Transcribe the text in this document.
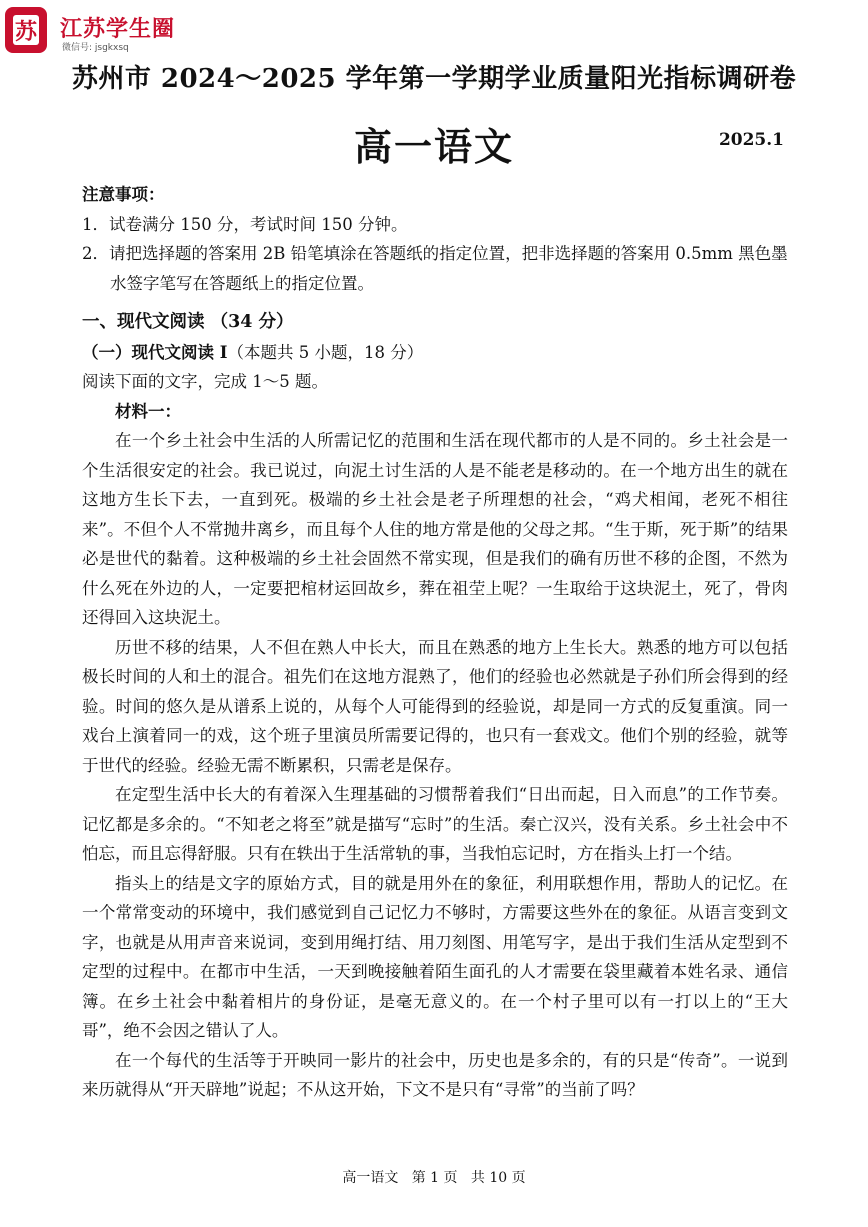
苏 江苏学生圈
微信号: jsgkxsq
苏州市 2024～2025 学年第一学期学业质量阳光指标调研卷
高一语文	2025.1

注意事项：

1．试卷满分 150 分，考试时间 150 分钟。

2．请把选择题的答案用 2B 铅笔填涂在答题纸的指定位置，把非选择题的答案用 0.5mm 黑色墨水签字笔写在答题纸上的指定位置。

一、现代文阅读 （34 分）

（一）现代文阅读 I（本题共 5 小题，18 分）

阅读下面的文字，完成 1～5 题。

材料一：

在一个乡土社会中生活的人所需记忆的范围和生活在现代都市的人是不同的。乡土社会是一个生活很安定的社会。我已说过，向泥土讨生活的人是不能老是移动的。在一个地方出生的就在这地方生长下去，一直到死。极端的乡土社会是老子所理想的社会，“鸡犬相闻，老死不相往来”。不但个人不常抛井离乡，而且每个人住的地方常是他的父母之邦。“生于斯，死于斯”的结果必是世代的黏着。这种极端的乡土社会固然不常实现，但是我们的确有历世不移的企图，不然为什么死在外边的人，一定要把棺材运回故乡，葬在祖茔上呢？一生取给于这块泥土，死了，骨肉还得回入这块泥土。

历世不移的结果，人不但在熟人中长大，而且在熟悉的地方上生长大。熟悉的地方可以包括极长时间的人和土的混合。祖先们在这地方混熟了，他们的经验也必然就是子孙们所会得到的经验。时间的悠久是从谱系上说的，从每个人可能得到的经验说，却是同一方式的反复重演。同一戏台上演着同一的戏，这个班子里演员所需要记得的，也只有一套戏文。他们个别的经验，就等于世代的经验。经验无需不断累积，只需老是保存。

在定型生活中长大的有着深入生理基础的习惯帮着我们“日出而起，日入而息”的工作节奏。记忆都是多余的。“不知老之将至”就是描写“忘时”的生活。秦亡汉兴，没有关系。乡土社会中不怕忘，而且忘得舒服。只有在轶出于生活常轨的事，当我怕忘记时，方在指头上打一个结。

指头上的结是文字的原始方式，目的就是用外在的象征，利用联想作用，帮助人的记忆。在一个常常变动的环境中，我们感觉到自己记忆力不够时，方需要这些外在的象征。从语言变到文字，也就是从用声音来说词，变到用绳打结、用刀刻图、用笔写字，是出于我们生活从定型到不定型的过程中。在都市中生活，一天到晚接触着陌生面孔的人才需要在袋里藏着本姓名录、通信簿。在乡土社会中黏着相片的身份证，是毫无意义的。在一个村子里可以有一打以上的“王大哥”，绝不会因之错认了人。

在一个每代的生活等于开映同一影片的社会中，历史也是多余的，有的只是“传奇”。一说到来历就得从“开天辟地”说起；不从这开始，下文不是只有“寻常”的当前了吗？

高一语文   第 1 页   共 10 页
